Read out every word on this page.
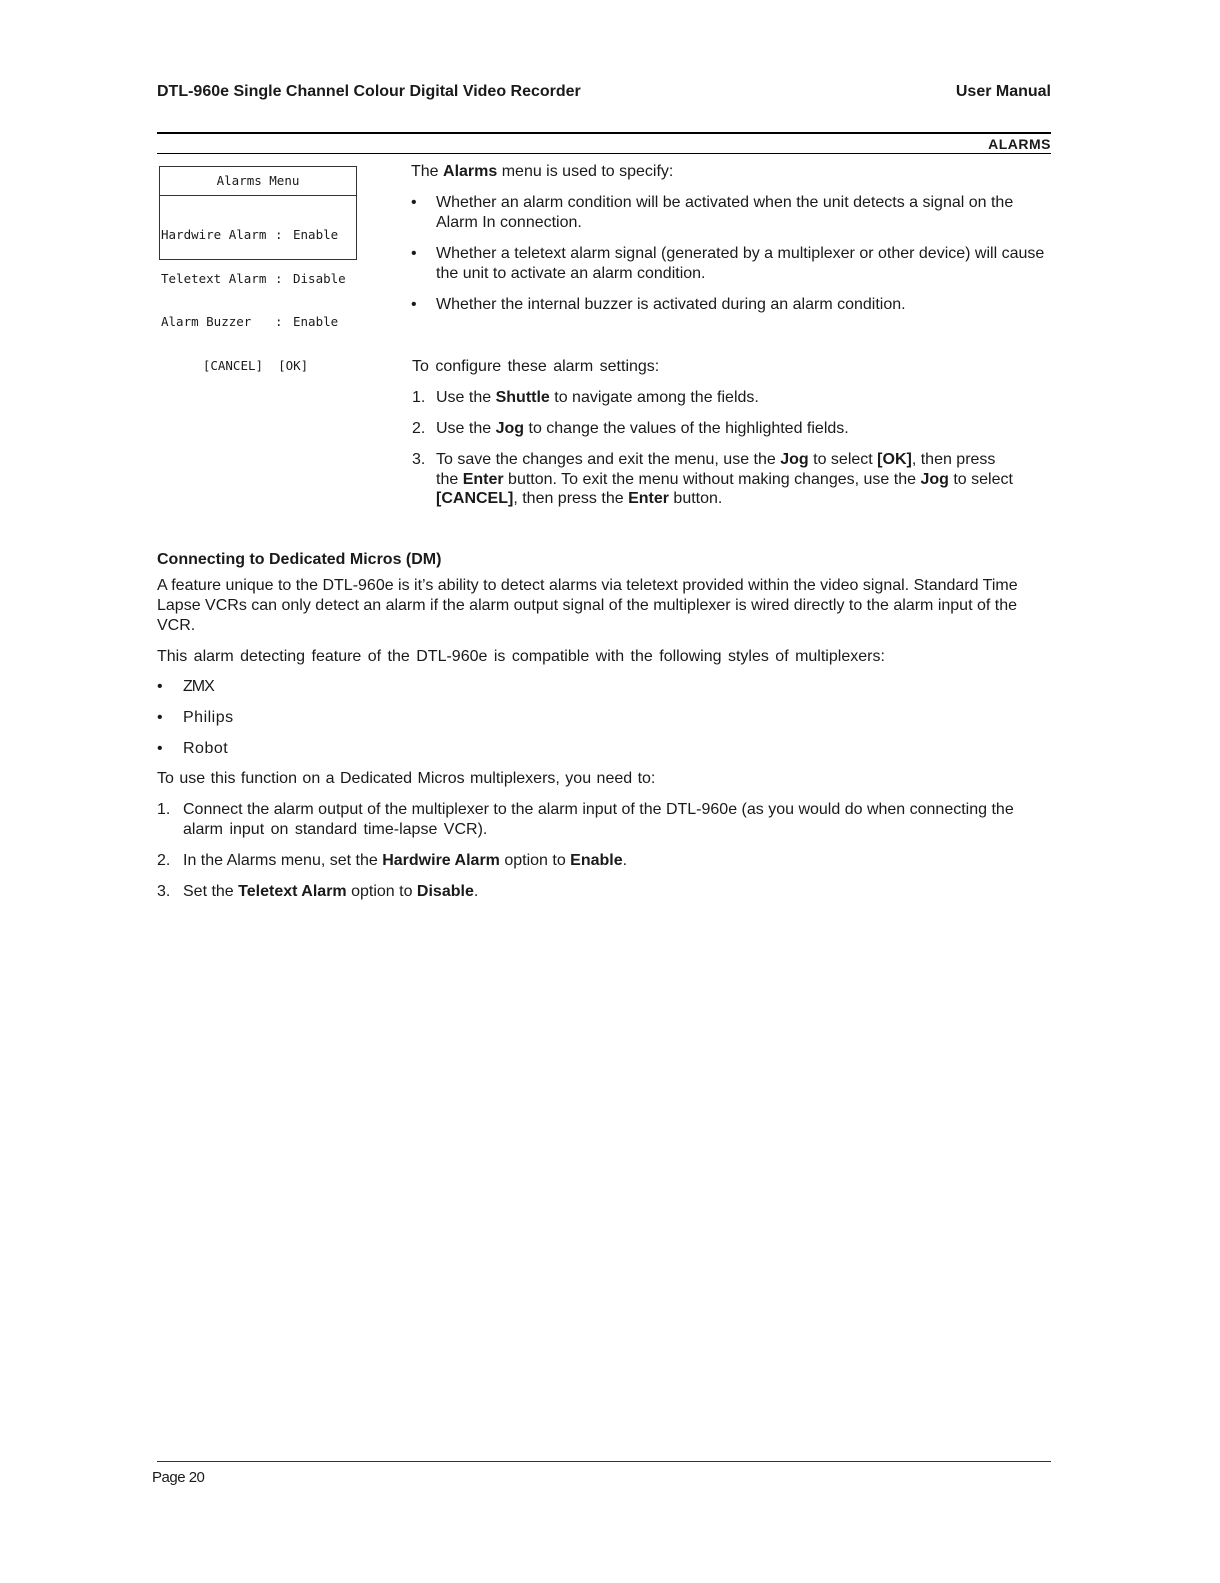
DTL-960e Single Channel Colour Digital Video Recorder	User Manual
ALARMS
Alarms Menu

Hardwire Alarm : Enable

Teletext Alarm : Disable

Alarm Buzzer	: Enable

[CANCEL]  [OK]

The Alarms menu is used to specify:
• Whether an alarm condition will be activated when the unit detects a signal on the Alarm In connection.
• Whether a teletext alarm signal (generated by a multiplexer or other device) will cause the unit to activate an alarm condition.
• Whether the internal buzzer is activated during an alarm condition.
To configure these alarm settings:
1. Use the Shuttle to navigate among the fields.
2. Use the Jog to change the values of the highlighted fields.
3. To save the changes and exit the menu, use the Jog to select [OK], then press
the Enter button. To exit the menu without making changes, use the Jog to select
[CANCEL], then press the Enter button.
Connecting to Dedicated Micros (DM)
A feature unique to the DTL-960e is it’s ability to detect alarms via teletext provided within the video signal. Standard Time
Lapse VCRs can only detect an alarm if the alarm output signal of the multiplexer is wired directly to the alarm input of the
VCR.
This alarm detecting feature of the DTL-960e is compatible with the following styles of multiplexers:
• ZMX
• Philips
• Robot
To use this function on a Dedicated Micros multiplexers, you need to:
1. Connect the alarm output of the multiplexer to the alarm input of the DTL-960e (as you would do when connecting the
alarm input on standard time-lapse VCR).
2. In the Alarms menu, set the Hardwire Alarm option to Enable.
3. Set the Teletext Alarm option to Disable.
Page 20
